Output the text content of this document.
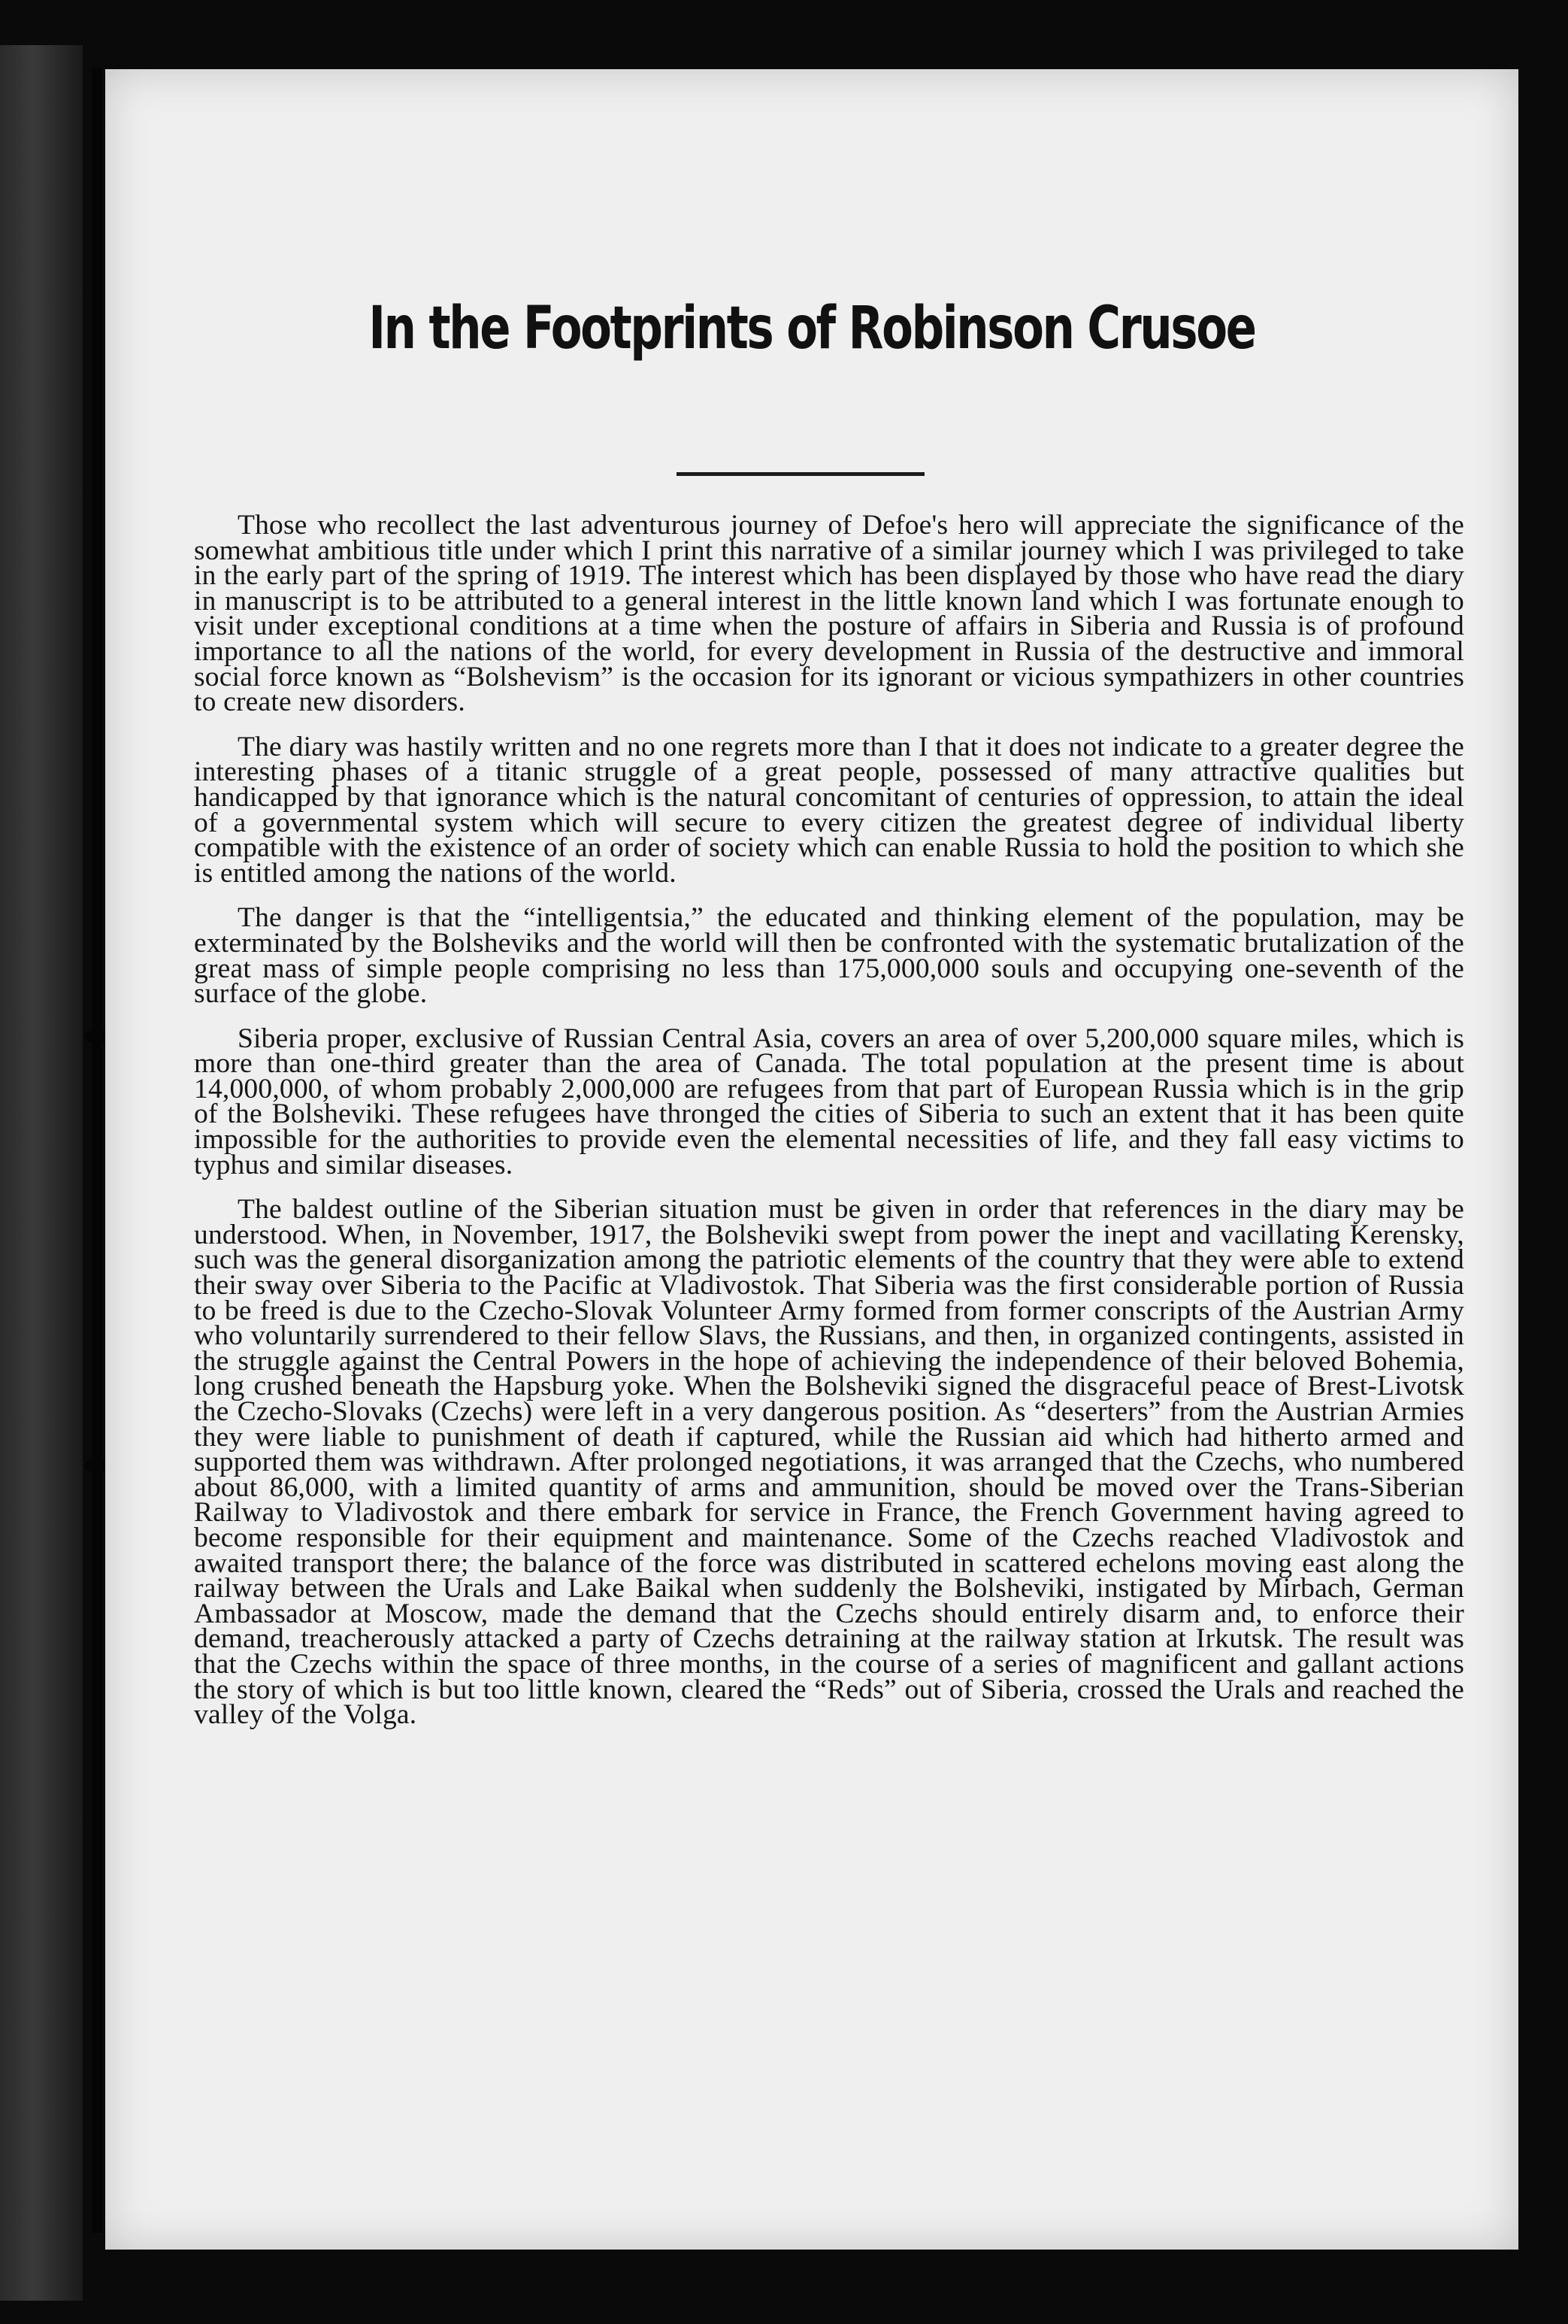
In the Footprints of Robinson Crusoe

Those who recollect the last adventurous journey of Defoe's hero will appreciate the significance of the somewhat ambitious title under which I print this narrative of a similar journey which I was privileged to take in the early part of the spring of 1919. The interest which has been displayed by those who have read the diary in manuscript is to be attributed to a general interest in the little known land which I was fortunate enough to visit under exceptional conditions at a time when the posture of affairs in Siberia and Russia is of profound importance to all the nations of the world, for every development in Russia of the destructive and immoral social force known as “Bolshevism” is the occasion for its ignorant or vicious sympathizers in other countries to create new disorders.

The diary was hastily written and no one regrets more than I that it does not indicate to a greater degree the interesting phases of a titanic struggle of a great people, possessed of many attractive qualities but handicapped by that ignorance which is the natural concomitant of centuries of oppression, to attain the ideal of a governmental system which will secure to every citizen the greatest degree of individual liberty compatible with the existence of an order of society which can enable Russia to hold the position to which she is entitled among the nations of the world.

The danger is that the “intelligentsia,” the educated and thinking element of the population, may be exterminated by the Bolsheviks and the world will then be confronted with the systematic brutalization of the great mass of simple people comprising no less than 175,000,000 souls and occupying one-seventh of the surface of the globe.

Siberia proper, exclusive of Russian Central Asia, covers an area of over 5,200,000 square miles, which is more than one-third greater than the area of Canada. The total population at the present time is about 14,000,000, of whom probably 2,000,000 are refugees from that part of European Russia which is in the grip of the Bolsheviki. These refugees have thronged the cities of Siberia to such an extent that it has been quite impossible for the authorities to provide even the elemental necessities of life, and they fall easy victims to typhus and similar diseases.

The baldest outline of the Siberian situation must be given in order that references in the diary may be understood. When, in November, 1917, the Bolsheviki swept from power the inept and vacillating Kerensky, such was the general disorganization among the patriotic elements of the country that they were able to extend their sway over Siberia to the Pacific at Vladivostok. That Siberia was the first considerable portion of Russia to be freed is due to the Czecho-Slovak Volunteer Army formed from former conscripts of the Austrian Army who voluntarily surrendered to their fellow Slavs, the Russians, and then, in organized contingents, assisted in the struggle against the Central Powers in the hope of achieving the independence of their beloved Bohemia, long crushed beneath the Hapsburg yoke. When the Bolsheviki signed the disgraceful peace of Brest-Livotsk the Czecho-Slovaks (Czechs) were left in a very dangerous position. As “deserters” from the Austrian Armies they were liable to punishment of death if captured, while the Russian aid which had hitherto armed and supported them was withdrawn. After prolonged negotiations, it was arranged that the Czechs, who numbered about 86,000, with a limited quantity of arms and ammunition, should be moved over the Trans-Siberian Railway to Vladivostok and there embark for service in France, the French Government having agreed to become responsible for their equipment and maintenance. Some of the Czechs reached Vladivostok and awaited transport there; the balance of the force was distributed in scattered echelons moving east along the railway between the Urals and Lake Baikal when suddenly the Bolsheviki, instigated by Mirbach, German Ambassador at Moscow, made the demand that the Czechs should entirely disarm and, to enforce their demand, treacherously attacked a party of Czechs detraining at the railway station at Irkutsk. The result was that the Czechs within the space of three months, in the course of a series of magnificent and gallant actions the story of which is but too little known, cleared the “Reds” out of Siberia, crossed the Urals and reached the valley of the Volga.
